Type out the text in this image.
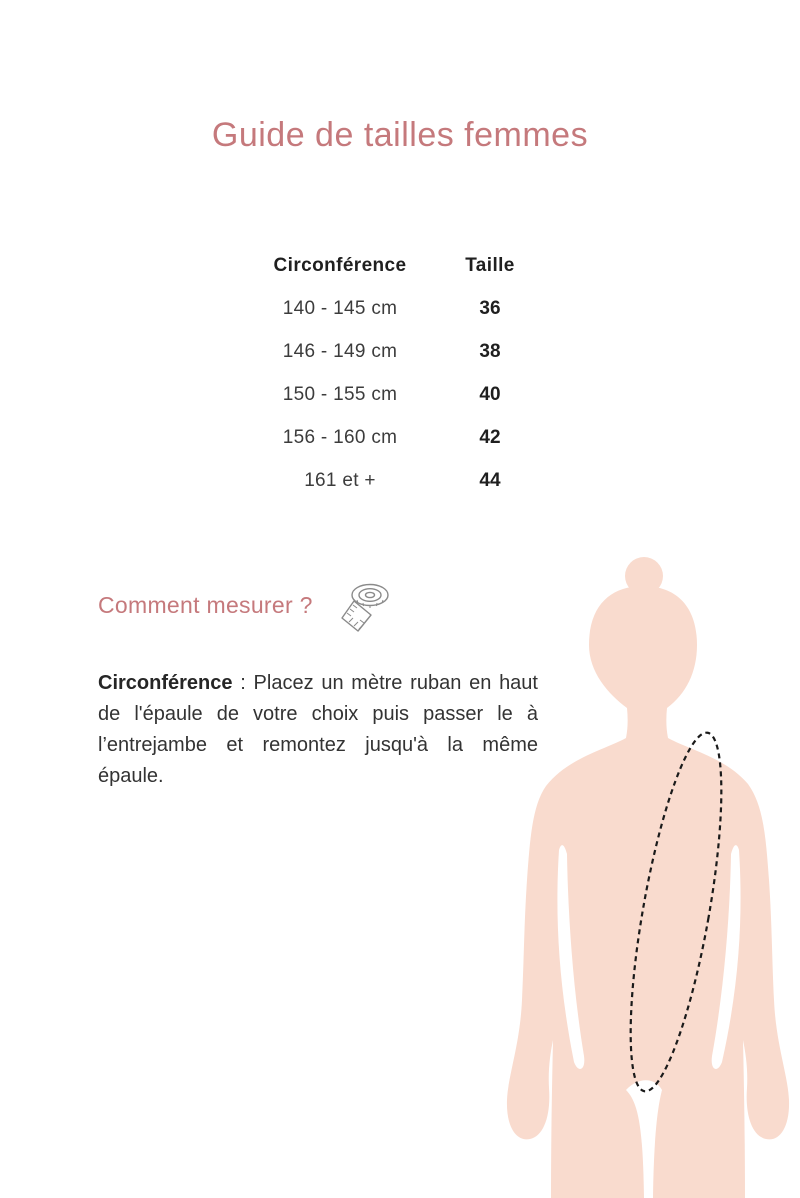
Guide de tailles femmes
Circonférence	Taille
140 - 145 cm	36
146 - 149 cm	38
150 - 155 cm	40
156 - 160 cm	42
161 et +	44
Comment mesurer ?

Circonférence : Placez un mètre ruban en haut de l'épaule de votre choix puis passer le à l’entrejambe et remontez jusqu'à la même épaule.
